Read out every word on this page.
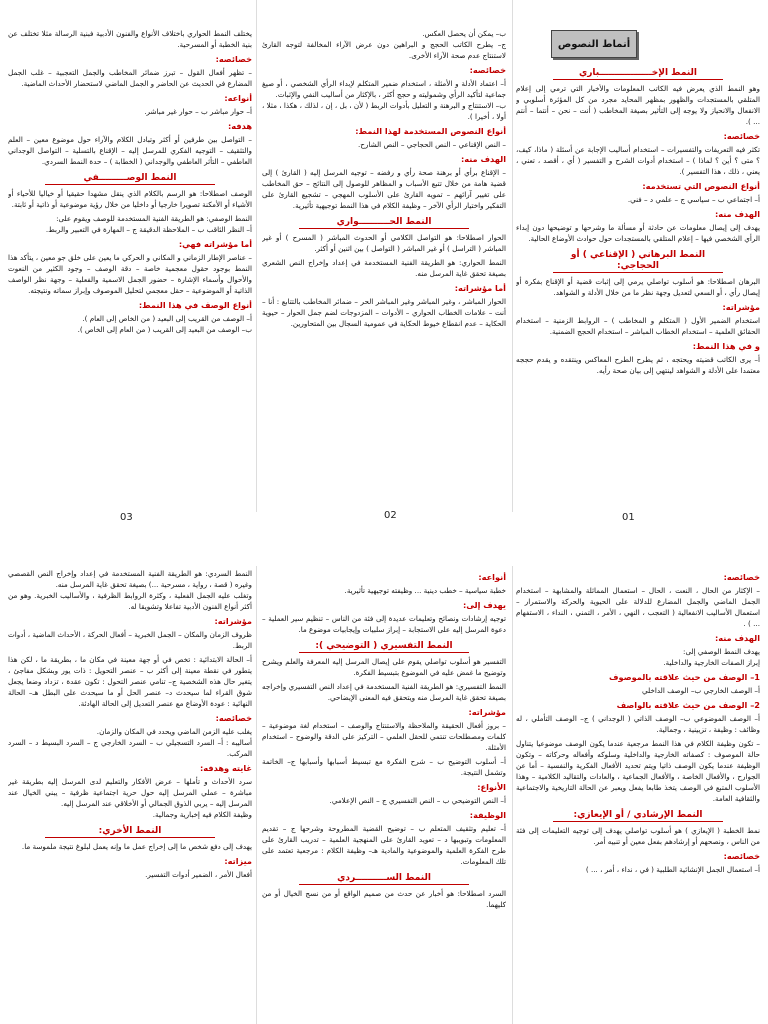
أنماط النصوص
النمط الإخـــــــــــــــــباري

وهو النمط الذي يعرض فيه الكاتب المعلومات والأخبار التي ترمي إلى إعلام المتلقي بالمستجدات والظهور بمظهر المحايد مجرد من كل المؤثرة أسلوبي و الانفعال والانحياز ولا يوجه إلى التأثير بصيغة المخاطب ( أنت – نحن – أنتما – أنتم ... ).

خصائصه:

تكثر فيه التعريفات والتفسيرات – استخدام أساليب الإجابة عن أسئلة ( ماذا، كيف، ؟ متى ؟ أين ؟ لماذا ) – استخدام أدوات الشرح و التفسير ( أي ، أقصد ، تعني ، يعني ، ذلك ، هذا التفسير ).

أنواع النصوص التي تستخدمه:

أ– اجتماعي ب – سياسي ج – علمي د – فني.

الهدف منه:

يهدف إلى إيصال معلومات عن حادثة أو مسألة ما وشرحها و توضيحها دون إبداء الرأي الشخصي فيها – إعلام المتلقي بالمستجدات حول حوادث الأوضاع الحالية.

النمط البرهاني ( الإقناعي ) أو الحجاجي:

البرهان اصطلاحا: هو أسلوب تواصلي يرمي إلى إثبات قضية أو الإقناع بفكرة أو إيصال رأي ، أو السعي لتعديل وجهة نظر ما من خلال الأدلة و الشواهد.

مؤشراته:

استخدام الضمير الأول ( المتكلم و المخاطب ) – الروابط الزمنية – استخدام الحقائق العلمية – استخدام الخطاب المباشر – استخدام الحجج الضمنية.

و في هذا النمط:

أ– يرى الكاتب قضيته ويحتجه ، ثم يطرح الطرح المعاكس وينتقده و يقدم حججه معتمدا على الأدلة و الشواهد لينتهي إلى بيان صحة رأيه.

ب– يمكن أن يحصل العكس.
ج– يطرح الكاتب الحجج و البراهين دون عرض الآراء المخالفة لتوجه القارئ لاستنتاج عدم صحة الآراء الأخرى.

خصائصه:

أ– اعتماد الأدلة و الأمثلة ، استخدام ضمير المتكلم لإبداء الرأي الشخصي ، أو صيغ جماعية لتأكيد الرأي وشموليته و حجج أكثر ، بالإكثار من أساليب النفي والإثبات.
ب– الاستنتاج و البرهنة و التعليل بأدوات الربط ( لأن ، بل ، إن ، لذلك ، هكذا ، مثلا ، أولا ، أخيرا ).

أنواع النصوص المستخدمة لهذا النمط:

– النص الإقناعي – النص الحجاجي – النص الشارح.

الهدف منه:

– الإقناع برأي أو برهنة صحة رأي و رفضه – توجيه المرسل إليه ( القارئ ) إلى قضية هامة من خلال تتبع الأسباب و المظاهر للوصول إلى النتائج – حق المخاطب على تغيير آرائهم – تمويه القارئ على الأسلوب المهجي – تشجيع القارئ على التفكير واختيار الرأي الآخر – وظيفة الكلام في هذا النمط توجيهية تأثيرية.

النمط الحــــــــــواري

الحوار اصطلاحا: هو التواصل الكلامي أو الحدوث المباشر ( المسرح ) أو غير المباشر ( التراسل ) أو غير المباشر ( التواصل ) بين اثنين أو أكثر.

النمط الحواري: هو الطريقة الفنية المستخدمة في إعداد وإخراج النص الشعري بصيغة تحقق غاية المرسل منه.

أما مؤشراته:

الحوار المباشر ، وغير المباشر وغير المباشر الحر – ضمائر المخاطب بالتتابع : أنا – أنت – علامات الخطاب الحواري – الأدوات – المزدوجات لضم جمل الحوار – حيوية الحكاية – عدم انقطاع خيوط الحكاية في عمومية السجال بين المتحاورين.

يختلف النمط الحواري باختلاف الأنواع والفنون الأدبية فبنية الرسالة مثلا تختلف عن بنية الخطبة أو المسرحية.

خصائصه:

– تظهر أفعال القول – تبرز ضمائر المخاطب والجمل التعجبية – غلب الجمل المضارع في الحديث عن الحاضر و الجمل الماضي لاستحضار الأحداث الماضية.

أنواعه:

أ– حوار مباشر ب – حوار غير مباشر.

هدفه:

– التواصل بين طرفين أو أكثر وتبادل الكلام والآراء حول موضوع معين – العلم والتثقيف – التوجيه الفكري للمرسل إليه – الإقناع بالتسلية – التواصل الوجداني العاطفي – التأثر العاطفي والوجداني ( الخطابة ) – حدة النمط السردي.

النمط الوصـــــــــفي

الوصف اصطلاحا: هو الرسم بالكلام الذي ينقل مشهدا حقيقيا أو خياليا للأحياء أو الأشياء أو الأمكنة تصويرا خارجيا أو داخليا من خلال رؤية موضوعية أو ذاتية أو ثابتة.

النمط الوصفي: هو الطريقة الفنية المستخدمة للوصف ويقوم على:
أ– النظر الثاقب ب – الملاحظة الدقيقة ج – المهارة في التعبير والربط.

أما مؤشراته فهي:

– عناصر الإطار الزماني و المكاني و الحركي ما يعين على خلق جو معين ، يتأكد هذا النمط بوجود حقول معجمية خاصة – دقة الوصف – وجود الكثير من النعوت والأحوال وأسماء الإشارة – حضور الجمل الاسمية والفعلية – وجهة نظر الواصف الذاتية أو الموضوعية – حقل معجمي لتحليل الموصوف وإبراز سماته ونتيجته.

أنواع الوصف في هذا النمط:

أ– الوصف من القريب إلى البعيد ( من الخاص إلى العام ).
ب– الوصف من البعيد إلى القريب ( من العام إلى الخاص ).

01
02
03
خصائصه:

– الإكثار من الحال ، النعت ، الحال – استعمال المماثلة والمشابهة – استخدام الجمل الماضي والجمل المضارع للدلالة على الحيوية والحركة والاستمرار – استعمال الأساليب الانفعالية ( التعجب ، النهي ، الأمر ، التمني ، النداء ، الاستفهام ... ) .

الهدف منه:

يهدف النمط الوصفي إلى:
إبراز الصفات الخارجية والداخلية.

1– الوصف من حيث علاقته بالموصوف

أ– الوصف الخارجي ب– الوصف الداخلي

2– الوصف من حيث علاقته بالواصف

أ– الوصف الموضوعي ب– الوصف الذاتي ( الوجداني ) ج– الوصف التأملي ، له وظائف : وظيفة ، تزيينية ، وجمالية.

– تكون وظيفة الكلام في هذا النمط مرجعية عندما يكون الوصف موضوعيا يتناول حالة الموصوف : كصفاته الخارجية والداخلية وسلوكه وأفعاله وحركاته – وتكون الوظيفة عندما يكون الوصف ذاتيا ويتم تحديد الأفعال الفكرية والنفسية – أما عن الجوارح ، والأفعال الخاصة ، والأفعال الجماعية ، والعادات والتقاليد الكلامية – وهذا الأسلوب المتبع في الوصف يتخذ طابعا يفعل ويعبر عن الحالة التاريخية والاجتماعية والثقافية العامة.

النمط الإرشادي / أو الإيعازي:

نمط الخطبة ( الإيعازي ) هو أسلوب تواصلي يهدف إلى توجيه التعليمات إلى فئة من الناس ، ونصحهم أو إرشادهم بفعل معين أو تنبيه أمر.

خصائصه:

أ– استعمال الجمل الإنشائية الطلبية ( في ، نداء ، أمر ، ... )

أنواعه:

خطبة سياسية – خطب دينية ... وظيفته توجيهية تأثيرية.

يهدف إلى:

توجيه إرشادات ونصائح وتعليمات عديدة إلى فئة من الناس – تنظيم سير العملية – دعوة المرسل إليه على الاستجابة – إبراز سلبيات وإيجابيات موضوع ما.

النمط التفسيري ( التوضيحي ):

التفسير هو أسلوب تواصلي يقوم على إيصال المرسل إليه المعرفة والعلم ويشرح وتوضيح ما غمض عليه في الموضوع بتبسيط الفكرة.

النمط التفسيري: هو الطريقة الفنية المستخدمة في إعداد النص التفسيري وإخراجه بصيغة تحقق غاية المرسل منه ويتحقق فيه المعنى الإيضاحي.

مؤشراته:

– بروز أفعال الحقيقة والملاحظة والاستنتاج والوصف – استخدام لغة موضوعية – كلمات ومصطلحات تنتمي للحقل العلمي – التركيز على الدقة والوضوح – استخدام الأمثلة.

أ– أسلوب التوضيح ب – شرح الفكرة مع تبسيط أسبابها وأسبابها ج– الخاتمة وتشمل النتيجة.

الأنواع:

أ– النص التوضيحي ب – النص التفسيري ج – النص الإعلامي.

الوظيفة:

أ– تعليم وتثقيف المتعلم ب – توضيح القضية المطروحة وشرحها ج – تقديم المعلومات وتبويبها د – تعويد القارئ على المنهجية العلمية – تدريب القارئ على طرح الفكرة العلمية والموضوعية والمادية هـ– وظيفة الكلام : مرجعية تعتمد على تلك المعلومات.

النمط الســــــــــردي

السرد اصطلاحا: هو أخبار عن حدث من صميم الواقع أو من نسج الخيال أو من كليهما.

النمط السردي: هو الطريقة الفنية المستخدمة في إعداد وإخراج النص القصصي وغيره ( قصة ، رواية ، مسرحية ...) بصيغة تحقق غاية المرسل منه.
وتغلب عليه الجمل الفعلية ، وكثرة الروابط الظرفية ، والأساليب الخبرية. وهو من أكثر أنواع الفنون الأدبية تفاعلا وتشويقا له.

مؤشراته:

ظروف الزمان والمكان – الجمل الخبرية – أفعال الحركة ، الأحداث الماضية ، أدوات الربط.

أ– الحالة الابتدائية : تخص في أو جهة معينة في مكان ما ، بطريقة ما ، لكن هذا يتطور في نقطة معينة إلى أكثر ب – عنصر التحويل : ذات يور وبشكل مفاجئ ، يتغير حال هذه الشخصية ج– تنامي عنصر التحول : تكون عقدة ، تزداد وضعا يجعل شوق القراء لما سيحدث د– عنصر الحل أو ما سيحدث على البطل هـ– الحالة النهائية : عودة الأوضاع مع عنصر التعديل إلى الحالة الهادئة.

خصائصه:

يغلب عليه الزمن الماضي ويحدد في المكان والزمان.
أساليبه : أ– السرد التسجيلي ب – السرد الخارجي ج – السرد البسيط د – السرد المركب.

غايته وهدفه:

سرد الأحداث و تأملها – عرض الأفكار والتعليم لدى المرسل إليه بطريقة غير مباشرة – عملي المرسل إليه حول حرية اجتماعية ظرفية – يبني الخيال عند المرسل إليه – يربي الذوق الجمالي أو الأخلاقي عند المرسل إليه.
وظيفة الكلام فيه إخبارية وجمالية.

النمط الأخري:

يهدف إلى دفع شخص ما إلى إخراج عمل ما وإنه يعمل لبلوغ نتيجة ملموسة ما.

ميزاته:

أفعال الأمر ، الضمير أدوات التفسير.
